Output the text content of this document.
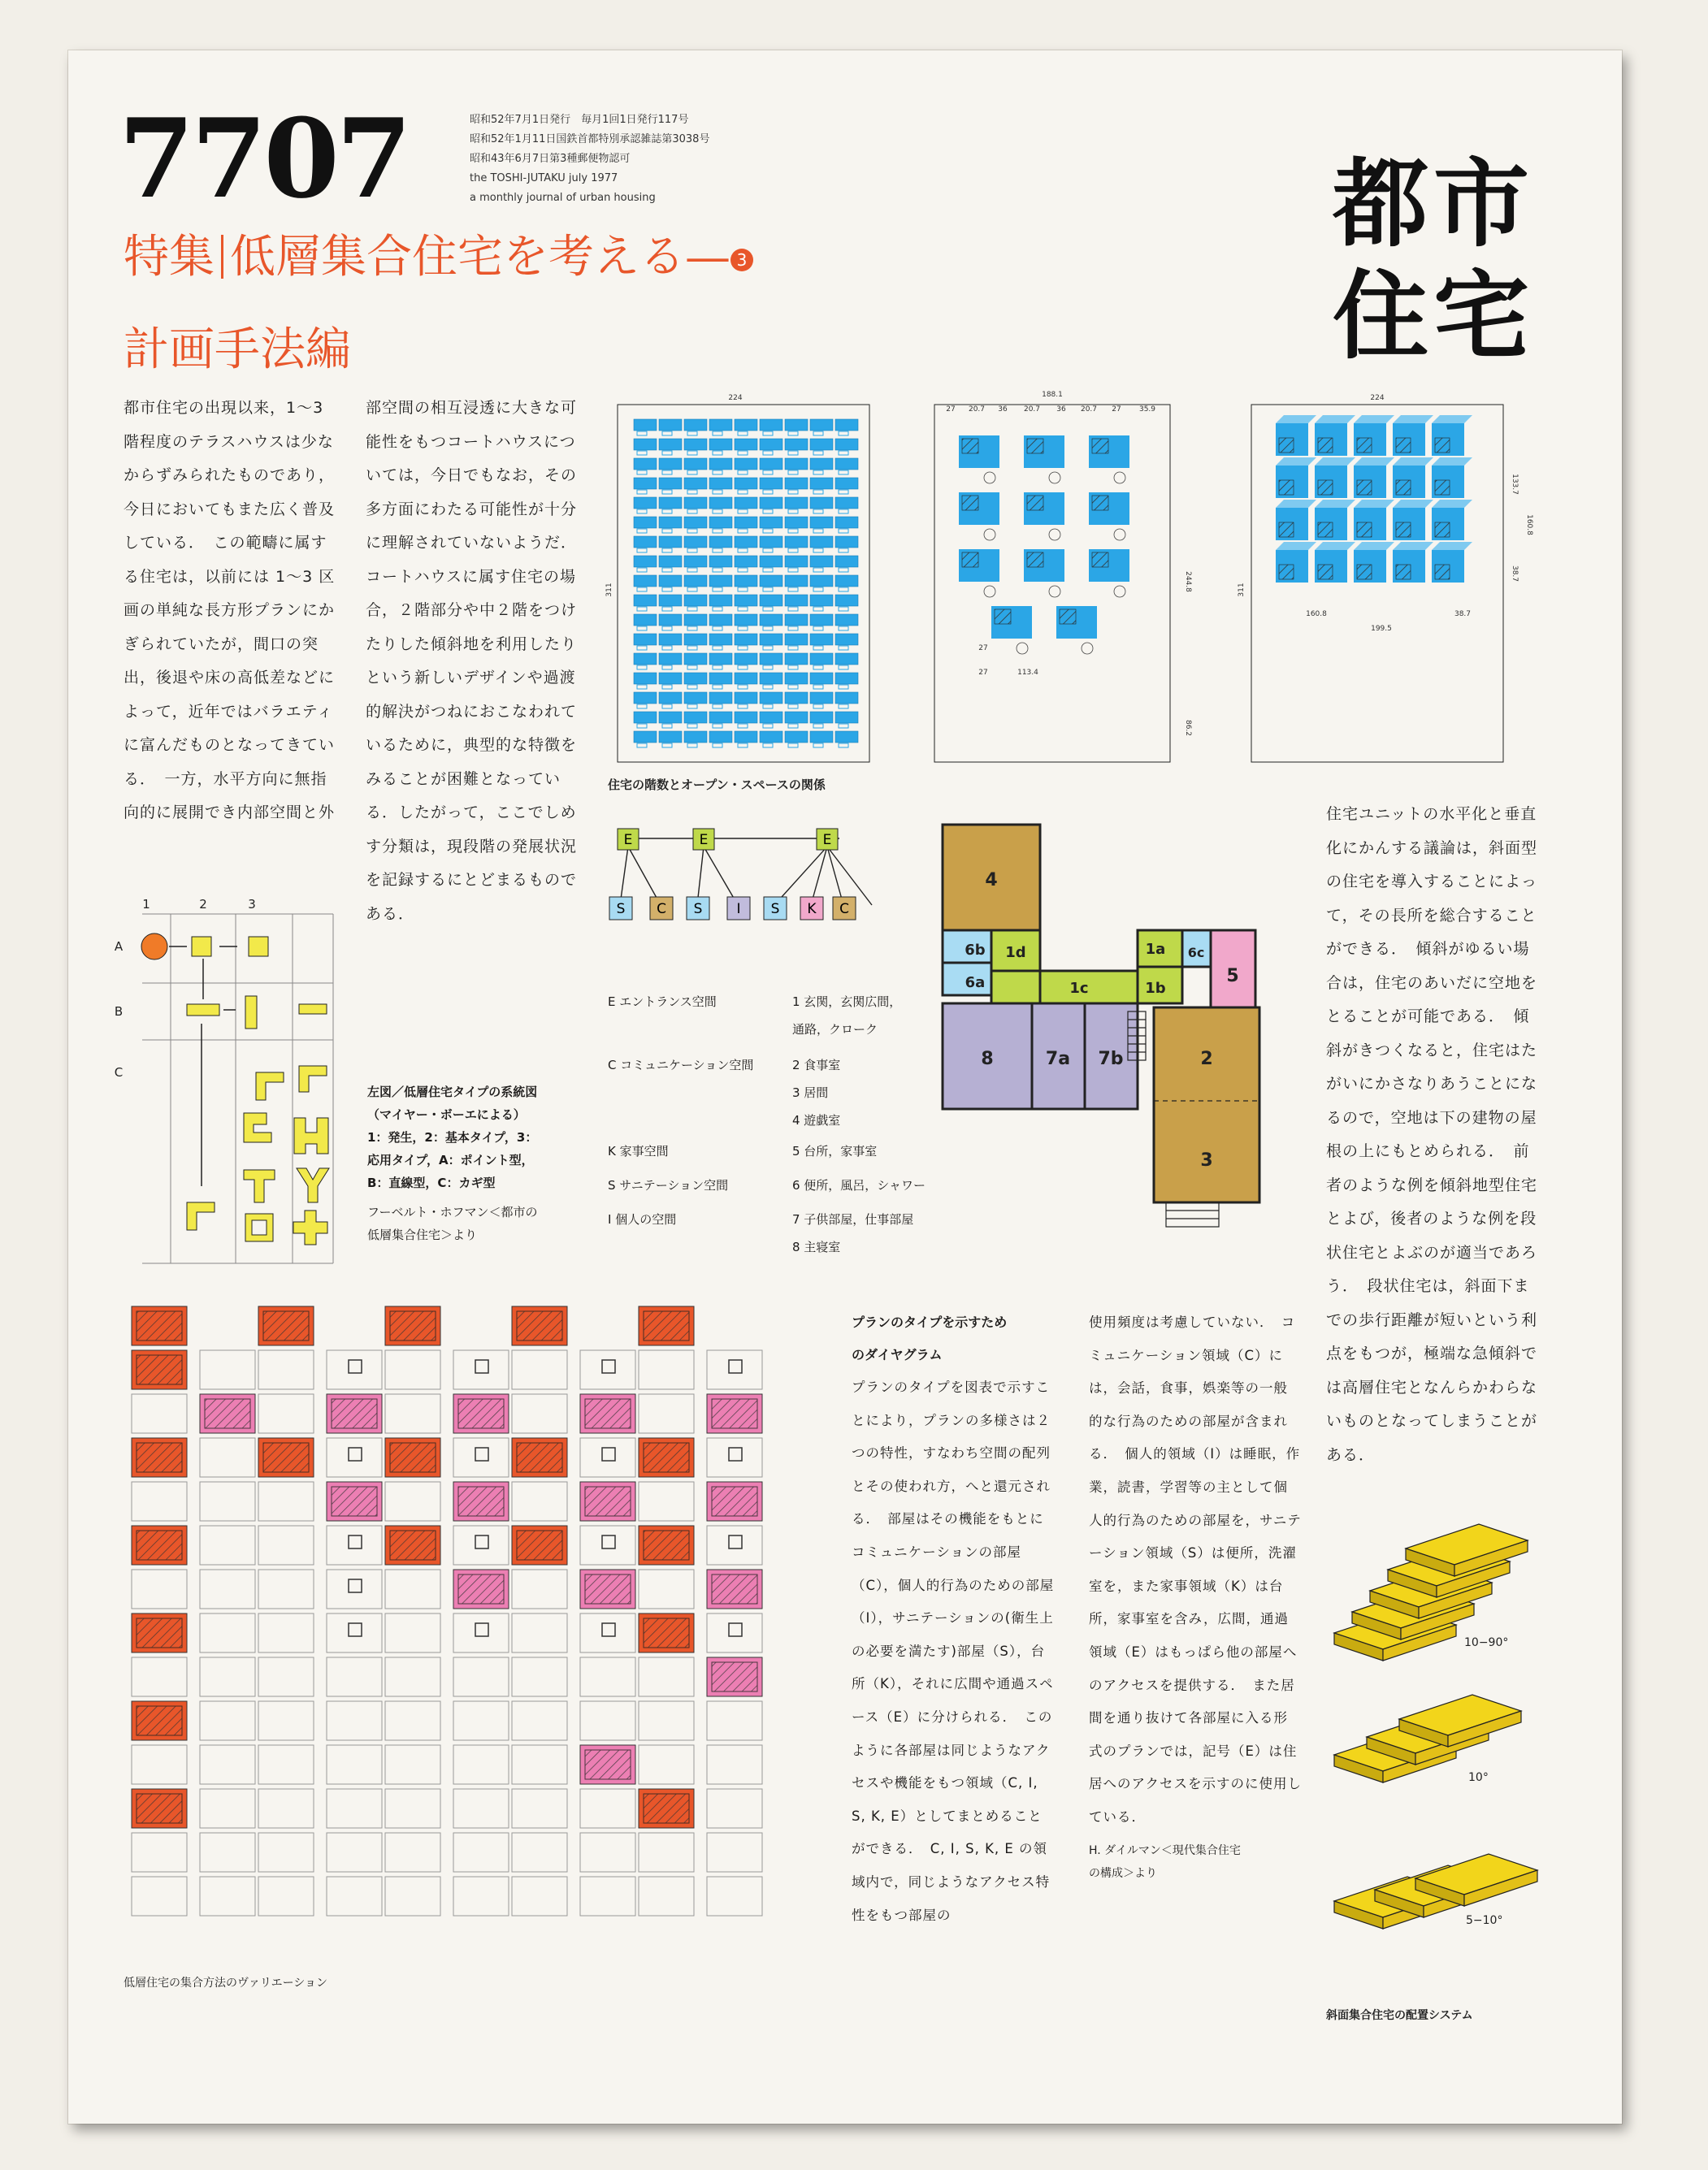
7707	昭和52年7月1日発行　毎月1回1日発行117号
昭和52年1月11日国鉄首都特別承認雑誌第3038号
昭和43年6月7日第3種郵便物認可
the TOSHI-JUTAKU july 1977
a monthly journal of urban housing	都市
住宅
特集 低層集合住宅を考える— 3
計画手法編
都市住宅の出現以来，1〜3階程度のテラスハウスは少なからずみられたものであり，今日においてもまた広く普及している．　この範疇に属する住宅は，以前には 1〜3 区画の単純な長方形プランにかぎられていたが，間口の突出，後退や床の高低差などによって，近年ではバラエティに富んだものとなってきている．　一方，水平方向に無指向的に展開でき内部空間と外
部空間の相互浸透に大きな可能性をもつコートハウスについては，今日でもなお，その多方面にわたる可能性が十分に理解されていないようだ．　コートハウスに属す住宅の場合，２階部分や中２階をつけたりした傾斜地を利用したりという新しいデザインや過渡的解決がつねにおこなわれているために，典型的な特徴をみることが困難となっている．したがって，ここでしめす分類は，現段階の発展状況を記録するにとどまるものである．
住宅ユニットの水平化と垂直化にかんする議論は，斜面型の住宅を導入することによって，その長所を総合することができる．　傾斜がゆるい場合は，住宅のあいだに空地をとることが可能である．　傾斜がきつくなると，住宅はたがいにかさなりあうことになるので，空地は下の建物の屋根の上にもとめられる．　前者のような例を傾斜地型住宅とよび，後者のような例を段状住宅とよぶのが適当であろう．　段状住宅は，斜面下までの歩行距離が短いという利点をもつが，極端な急傾斜では高層住宅となんらかわらないものとなってしまうことがある．
224
311
188.1
27 20.7 36 20.7 36 20.7 27 35.9
244.8
86.2
27
27	113.4
224
133.7
38.7
160.8
160.8	38.7
199.5
311
住宅の階数とオープン・スペースの関係
E	E	E
S C S I S K C
E エントランス空間	1 玄関，玄関広間，
通路，クローク
C コミュニケーション空間	2 食事室
3 居間
4 遊戯室
K 家事空間	5 台所，家事室
S サニテーション空間	6 便所，風呂，シャワー
I 個人の空間	7 子供部屋，仕事部屋
8 主寝室
4
1d
6b
6a
8	7a 7b
1c
1a
1b
6c
5
2
3
1	2	3
A
B
C
左図／低層住宅タイプの系統図
（マイヤー・ボーエによる）
1：発生，2：基本タイプ，3：
応用タイプ，A：ポイント型，
B：直線型，C：カギ型
フーベルト・ホフマン＜都市の
低層集合住宅＞より
低層住宅の集合方法のヴァリエーション
プランのタイプを示すため
のダイヤグラム
プランのタイプを図表で示すことにより，プランの多様さは２つの特性，すなわち空間の配列とその使われ方，へと還元される．　部屋はその機能をもとにコミュニケーションの部屋（C），個人的行為のための部屋（I），サニテーションの(衛生上の必要を満たす)部屋（S），台所（K），それに広間や通過スペース（E）に分けられる．　このように各部屋は同じようなアクセスや機能をもつ領域（C, I, S, K, E）としてまとめることができる．　C, I, S, K, E の領域内で，同じようなアクセス特性をもつ部屋の
使用頻度は考慮していない．　コミュニケーション領域（C）には，会話，食事，娯楽等の一般的な行為のための部屋が含まれる．　個人的領域（I）は睡眠，作業，読書，学習等の主として個人的行為のための部屋を，サニテーション領域（S）は便所，洗濯室を，また家事領域（K）は台所，家事室を含み，広間，通過領域（E）はもっぱら他の部屋へのアクセスを提供する．　また居間を通り抜けて各部屋に入る形式のプランでは，記号（E）は住居へのアクセスを示すのに使用している．
H. ダイルマン＜現代集合住宅
の構成＞より
10−90°
10°
5−10°
斜面集合住宅の配置システム
